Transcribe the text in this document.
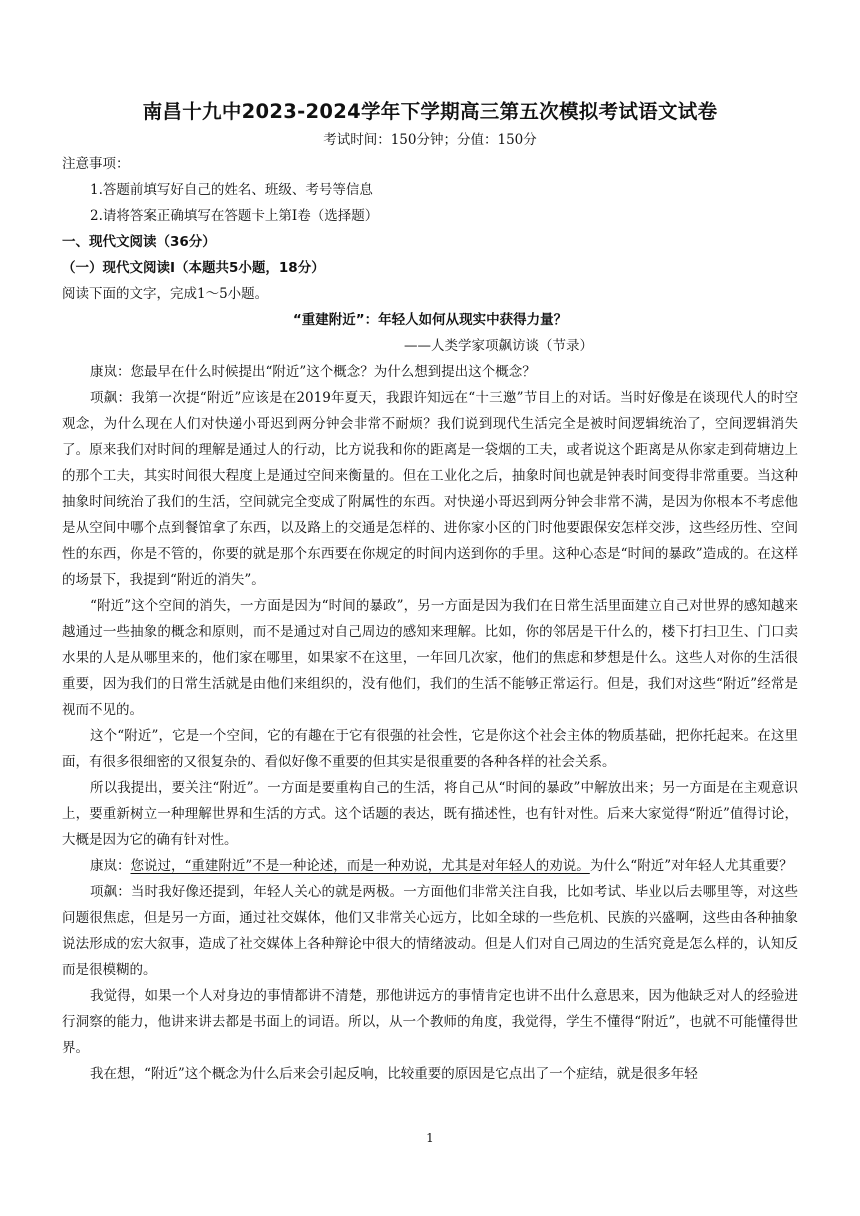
南昌十九中2023-2024学年下学期高三第五次模拟考试语文试卷
考试时间：150分钟；分值：150分
注意事项：
1.答题前填写好自己的姓名、班级、考号等信息
2.请将答案正确填写在答题卡上第Ⅰ卷（选择题）
一、现代文阅读（36分）
（一）现代文阅读Ⅰ（本题共5小题，18分）
阅读下面的文字，完成1～5小题。
“重建附近”：年轻人如何从现实中获得力量？
——人类学家项飙访谈（节录）

康岚：您最早在什么时候提出“附近”这个概念？为什么想到提出这个概念？

项飙：我第一次提“附近”应该是在2019年夏天，我跟许知远在“十三邀”节目上的对话。当时好像是在谈现代人的时空观念，为什么现在人们对快递小哥迟到两分钟会非常不耐烦？我们说到现代生活完全是被时间逻辑统治了，空间逻辑消失了。原来我们对时间的理解是通过人的行动，比方说我和你的距离是一袋烟的工夫，或者说这个距离是从你家走到荷塘边上的那个工夫，其实时间很大程度上是通过空间来衡量的。但在工业化之后，抽象时间也就是钟表时间变得非常重要。当这种抽象时间统治了我们的生活，空间就完全变成了附属性的东西。对快递小哥迟到两分钟会非常不满，是因为你根本不考虑他是从空间中哪个点到餐馆拿了东西，以及路上的交通是怎样的、进你家小区的门时他要跟保安怎样交涉，这些经历性、空间性的东西，你是不管的，你要的就是那个东西要在你规定的时间内送到你的手里。这种心态是“时间的暴政”造成的。在这样的场景下，我提到“附近的消失”。

“附近”这个空间的消失，一方面是因为“时间的暴政”，另一方面是因为我们在日常生活里面建立自己对世界的感知越来越通过一些抽象的概念和原则，而不是通过对自己周边的感知来理解。比如，你的邻居是干什么的，楼下打扫卫生、门口卖水果的人是从哪里来的，他们家在哪里，如果家不在这里，一年回几次家，他们的焦虑和梦想是什么。这些人对你的生活很重要，因为我们的日常生活就是由他们来组织的，没有他们，我们的生活不能够正常运行。但是，我们对这些“附近”经常是视而不见的。

这个“附近”，它是一个空间，它的有趣在于它有很强的社会性，它是你这个社会主体的物质基础，把你托起来。在这里面，有很多很细密的又很复杂的、看似好像不重要的但其实是很重要的各种各样的社会关系。

所以我提出，要关注“附近”。一方面是要重构自己的生活，将自己从“时间的暴政”中解放出来；另一方面是在主观意识上，要重新树立一种理解世界和生活的方式。这个话题的表达，既有描述性，也有针对性。后来大家觉得“附近”值得讨论，大概是因为它的确有针对性。

康岚：您说过，“重建附近”不是一种论述，而是一种劝说，尤其是对年轻人的劝说。为什么“附近”对年轻人尤其重要？

项飙：当时我好像还提到，年轻人关心的就是两极。一方面他们非常关注自我，比如考试、毕业以后去哪里等，对这些问题很焦虑，但是另一方面，通过社交媒体，他们又非常关心远方，比如全球的一些危机、民族的兴盛啊，这些由各种抽象说法形成的宏大叙事，造成了社交媒体上各种辩论中很大的情绪波动。但是人们对自己周边的生活究竟是怎么样的，认知反而是很模糊的。

我觉得，如果一个人对身边的事情都讲不清楚，那他讲远方的事情肯定也讲不出什么意思来，因为他缺乏对人的经验进行洞察的能力，他讲来讲去都是书面上的词语。所以，从一个教师的角度，我觉得，学生不懂得“附近”，也就不可能懂得世界。

我在想，“附近”这个概念为什么后来会引起反响，比较重要的原因是它点出了一个症结，就是很多年轻

1
